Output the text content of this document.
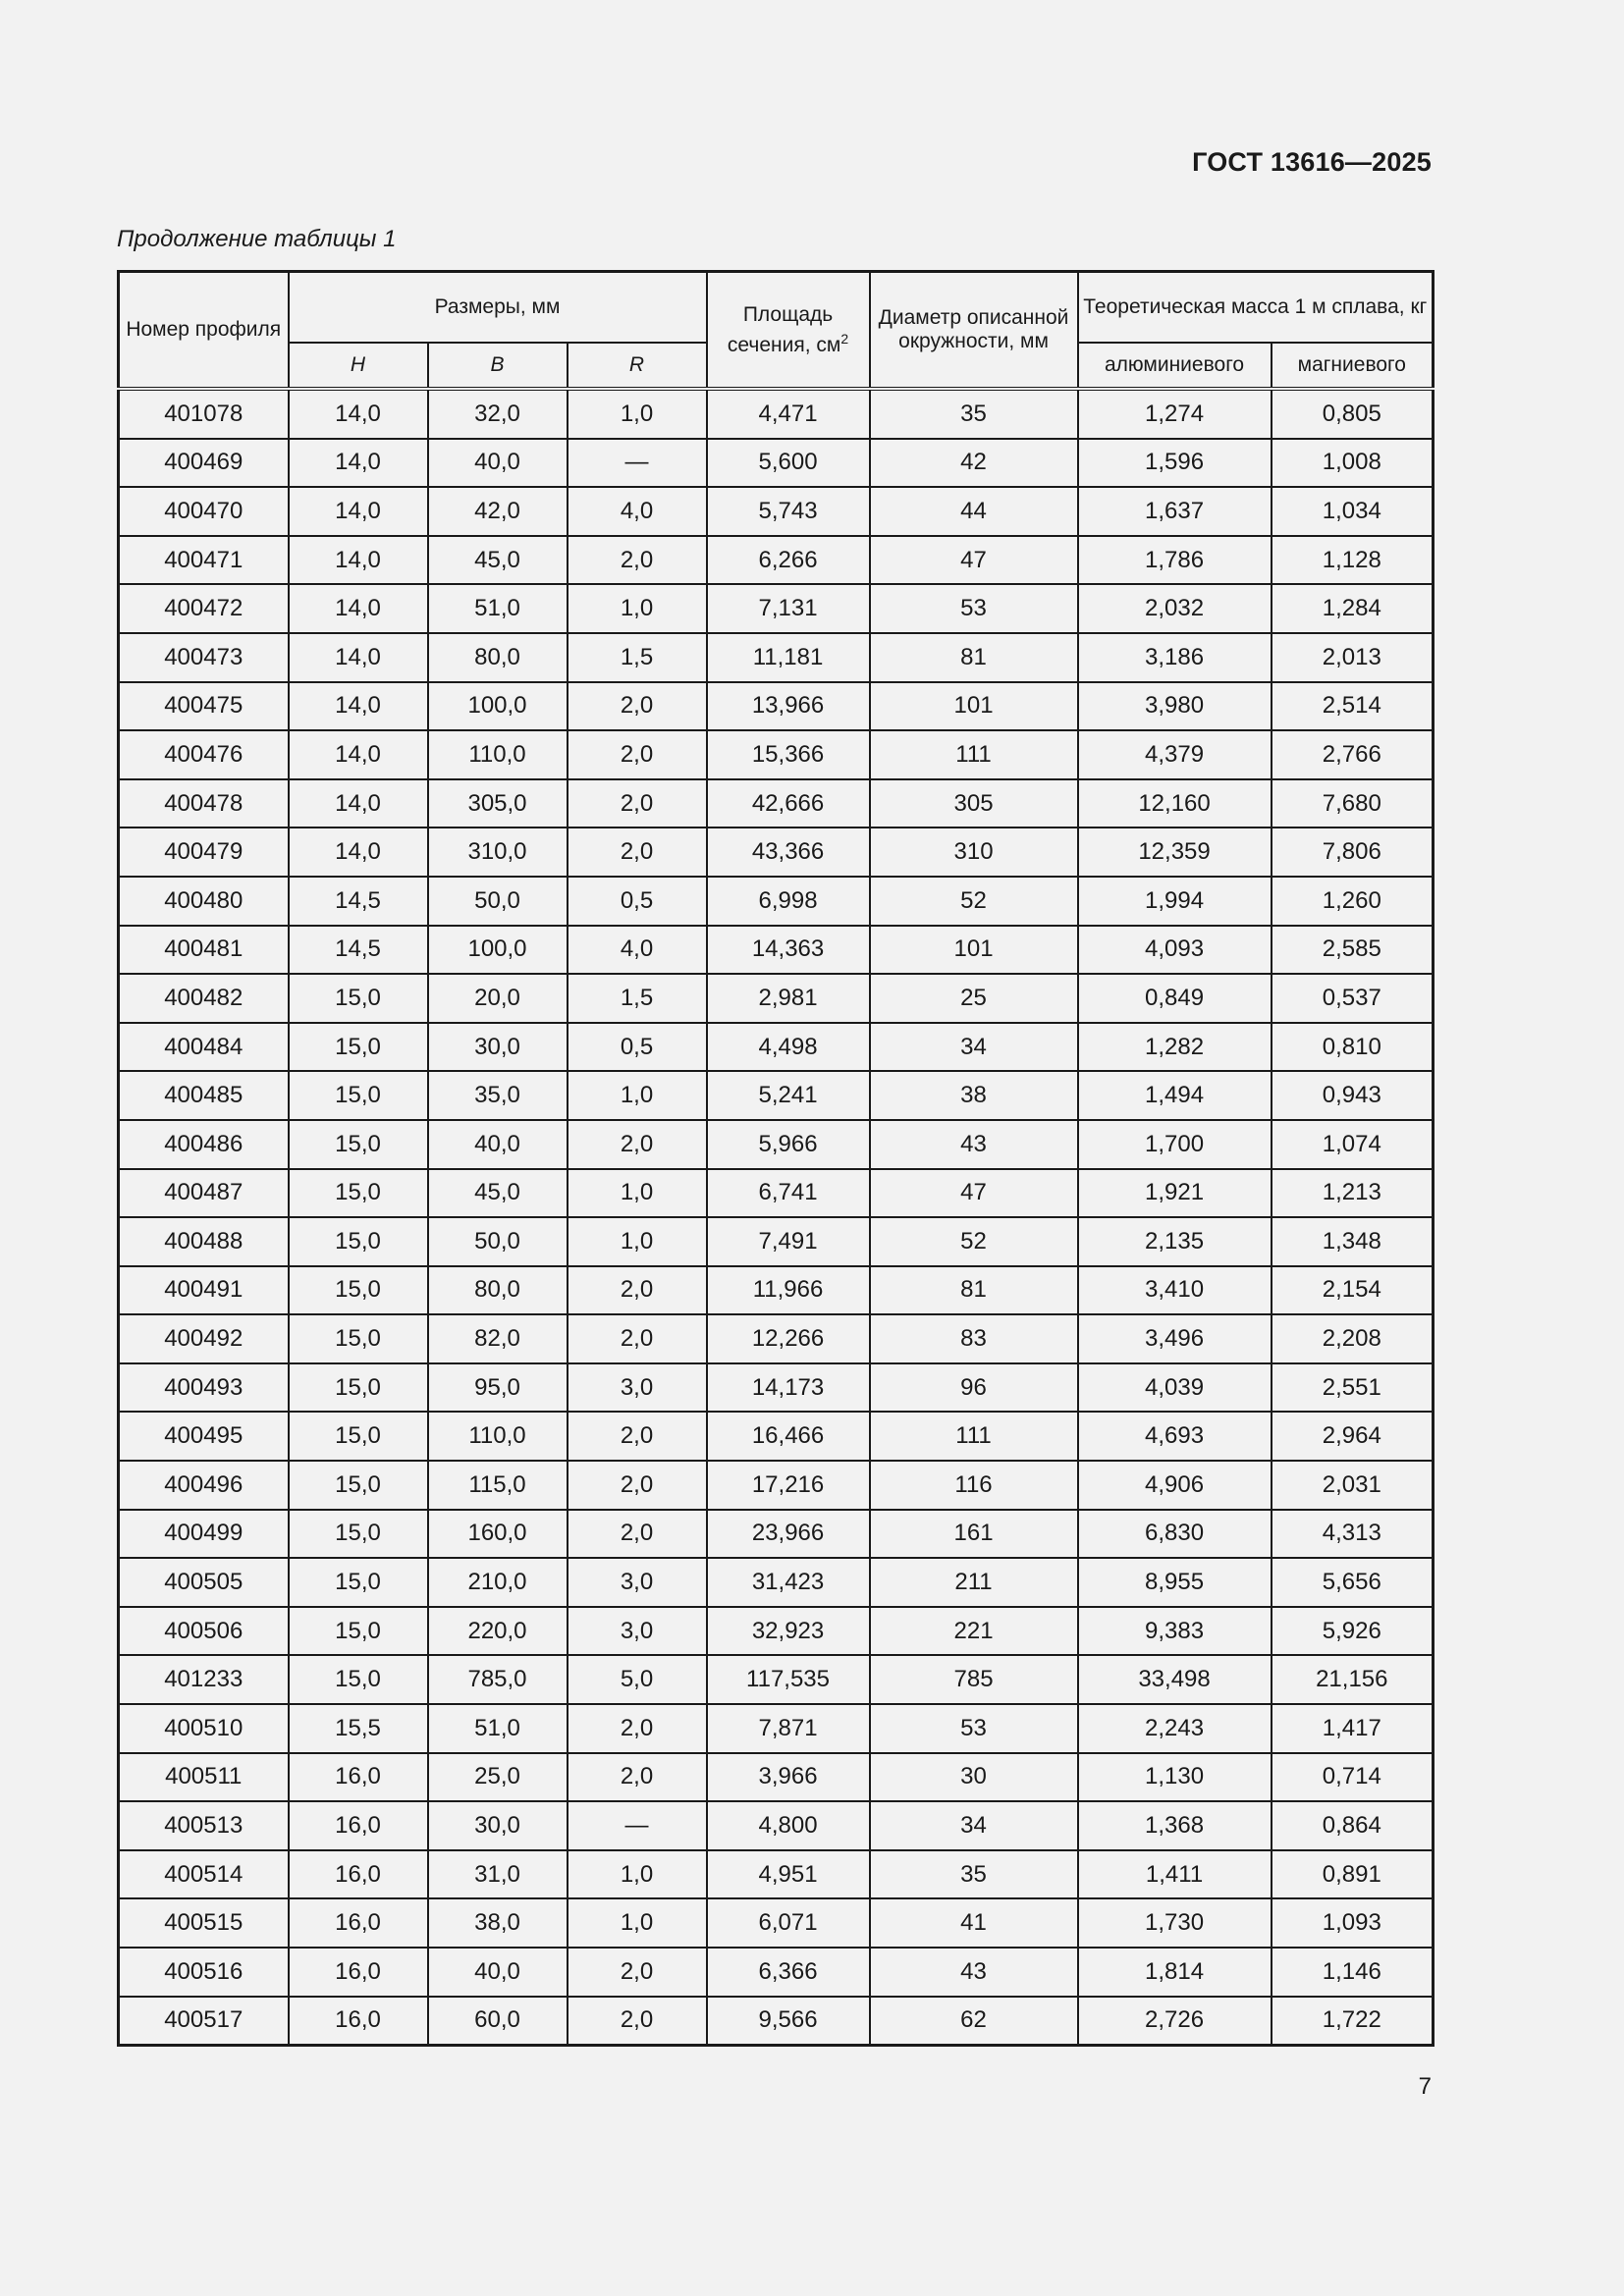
ГОСТ 13616—2025
Продолжение таблицы 1
Номер профиля	Размеры, мм			Площадь сечения, $см^2$	Диаметр описанной окружности, мм	Теоретическая масса 1 м сплава, кг	
	H	B	R			алюминиевого	магниевого
401078	14,0	32,0	1,0	4,471	35	1,274	0,805
400469	14,0	40,0	—	5,600	42	1,596	1,008
400470	14,0	42,0	4,0	5,743	44	1,637	1,034
400471	14,0	45,0	2,0	6,266	47	1,786	1,128
400472	14,0	51,0	1,0	7,131	53	2,032	1,284
400473	14,0	80,0	1,5	11,181	81	3,186	2,013
400475	14,0	100,0	2,0	13,966	101	3,980	2,514
400476	14,0	110,0	2,0	15,366	111	4,379	2,766
400478	14,0	305,0	2,0	42,666	305	12,160	7,680
400479	14,0	310,0	2,0	43,366	310	12,359	7,806
400480	14,5	50,0	0,5	6,998	52	1,994	1,260
400481	14,5	100,0	4,0	14,363	101	4,093	2,585
400482	15,0	20,0	1,5	2,981	25	0,849	0,537
400484	15,0	30,0	0,5	4,498	34	1,282	0,810
400485	15,0	35,0	1,0	5,241	38	1,494	0,943
400486	15,0	40,0	2,0	5,966	43	1,700	1,074
400487	15,0	45,0	1,0	6,741	47	1,921	1,213
400488	15,0	50,0	1,0	7,491	52	2,135	1,348
400491	15,0	80,0	2,0	11,966	81	3,410	2,154
400492	15,0	82,0	2,0	12,266	83	3,496	2,208
400493	15,0	95,0	3,0	14,173	96	4,039	2,551
400495	15,0	110,0	2,0	16,466	111	4,693	2,964
400496	15,0	115,0	2,0	17,216	116	4,906	2,031
400499	15,0	160,0	2,0	23,966	161	6,830	4,313
400505	15,0	210,0	3,0	31,423	211	8,955	5,656
400506	15,0	220,0	3,0	32,923	221	9,383	5,926
401233	15,0	785,0	5,0	117,535	785	33,498	21,156
400510	15,5	51,0	2,0	7,871	53	2,243	1,417
400511	16,0	25,0	2,0	3,966	30	1,130	0,714
400513	16,0	30,0	—	4,800	34	1,368	0,864
400514	16,0	31,0	1,0	4,951	35	1,411	0,891
400515	16,0	38,0	1,0	6,071	41	1,730	1,093
400516	16,0	40,0	2,0	6,366	43	1,814	1,146
400517	16,0	60,0	2,0	9,566	62	2,726	1,722
7
